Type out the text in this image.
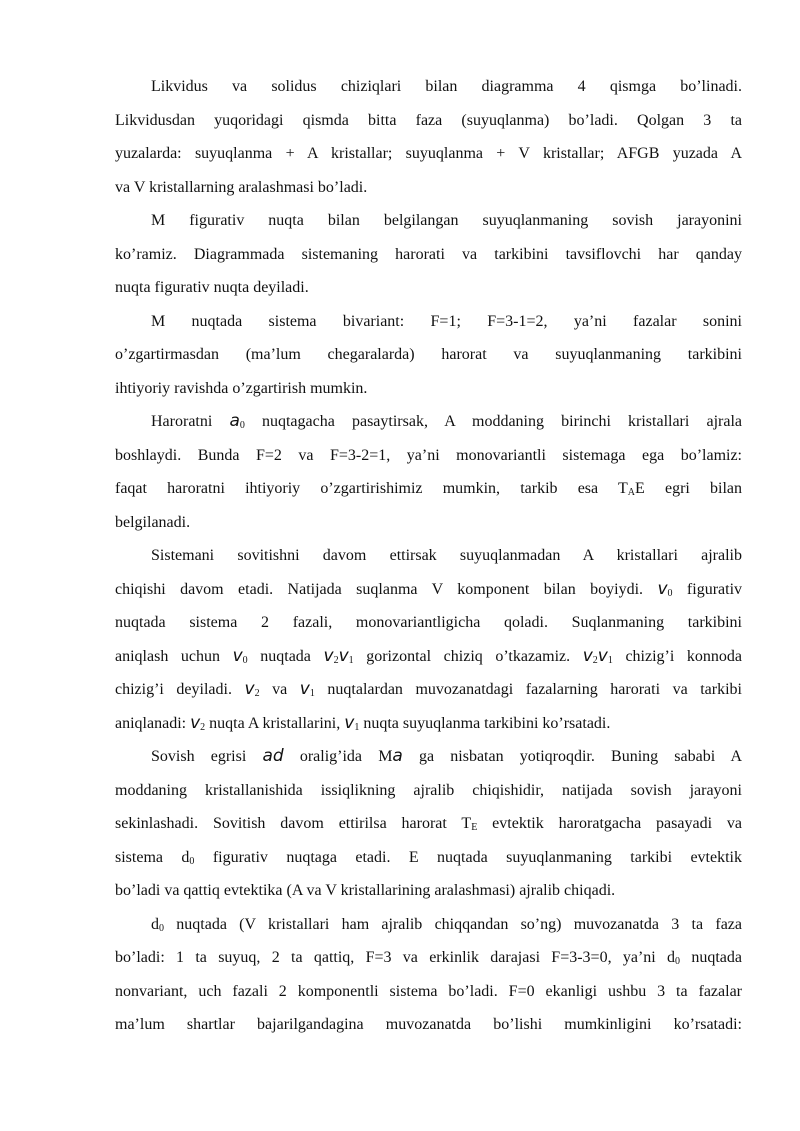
Likvidus va solidus chiziqlari bilan diagramma 4 qismga bo’linadi.
Likvidusdan yuqoridagi qismda bitta faza (suyuqlanma) bo’ladi. Qolgan 3 ta
yuzalarda: suyuqlanma + A kristallar; suyuqlanma + V kristallar; AFGB yuzada A
va V kristallarning aralashmasi bo’ladi.

M figurativ nuqta bilan belgilangan suyuqlanmaning sovish jarayonini
ko’ramiz. Diagrammada sistemaning harorati va tarkibini tavsiflovchi har qanday
nuqta figurativ nuqta deyiladi.

M nuqtada sistema bivariant: F=1; F=3-1=2, ya’ni fazalar sonini
o’zgartirmasdan (ma’lum chegaralarda) harorat va suyuqlanmaning tarkibini
ihtiyoriy ravishda o’zgartirish mumkin.

Haroratni $a_0$ nuqtagacha pasaytirsak, A moddaning birinchi kristallari ajrala
boshlaydi. Bunda F=2 va F=3-2=1, ya’ni monovariantli sistemaga ega bo’lamiz:
faqat haroratni ihtiyoriy o’zgartirishimiz mumkin, tarkib esa $T_AE$ egri bilan
belgilanadi.

Sistemani sovitishni davom ettirsak suyuqlanmadan A kristallari ajralib
chiqishi davom etadi. Natijada suqlanma V komponent bilan boyiydi. $v_0$ figurativ
nuqtada sistema 2 fazali, monovariantligicha qoladi. Suqlanmaning tarkibini
aniqlash uchun $v_0$ nuqtada $v_2v_1$ gorizontal chiziq o’tkazamiz. $v_2v_1$ chizig’i konnoda
chizig’i deyiladi. $v_2$ va $v_1$ nuqtalardan muvozanatdagi fazalarning harorati va tarkibi
aniqlanadi: $v_2$ nuqta A kristallarini, $v_1$ nuqta suyuqlanma tarkibini ko’rsatadi.

Sovish egrisi ad oralig’ida Ma ga nisbatan yotiqroqdir. Buning sababi A
moddaning kristallanishida issiqlikning ajralib chiqishidir, natijada sovish jarayoni
sekinlashadi. Sovitish davom ettirilsa harorat $T_E$ evtektik haroratgacha pasayadi va
sistema $d_0$ figurativ nuqtaga etadi. E nuqtada suyuqlanmaning tarkibi evtektik
bo’ladi va qattiq evtektika (A va V kristallarining aralashmasi) ajralib chiqadi.

$d_0$ nuqtada (V kristallari ham ajralib chiqqandan so’ng) muvozanatda 3 ta faza
bo’ladi: 1 ta suyuq, 2 ta qattiq, F=3 va erkinlik darajasi F=3-3=0, ya’ni $d_0$ nuqtada
nonvariant, uch fazali 2 komponentli sistema bo’ladi. F=0 ekanligi ushbu 3 ta fazalar
ma’lum shartlar bajarilgandagina muvozanatda bo’lishi mumkinligini ko’rsatadi:
